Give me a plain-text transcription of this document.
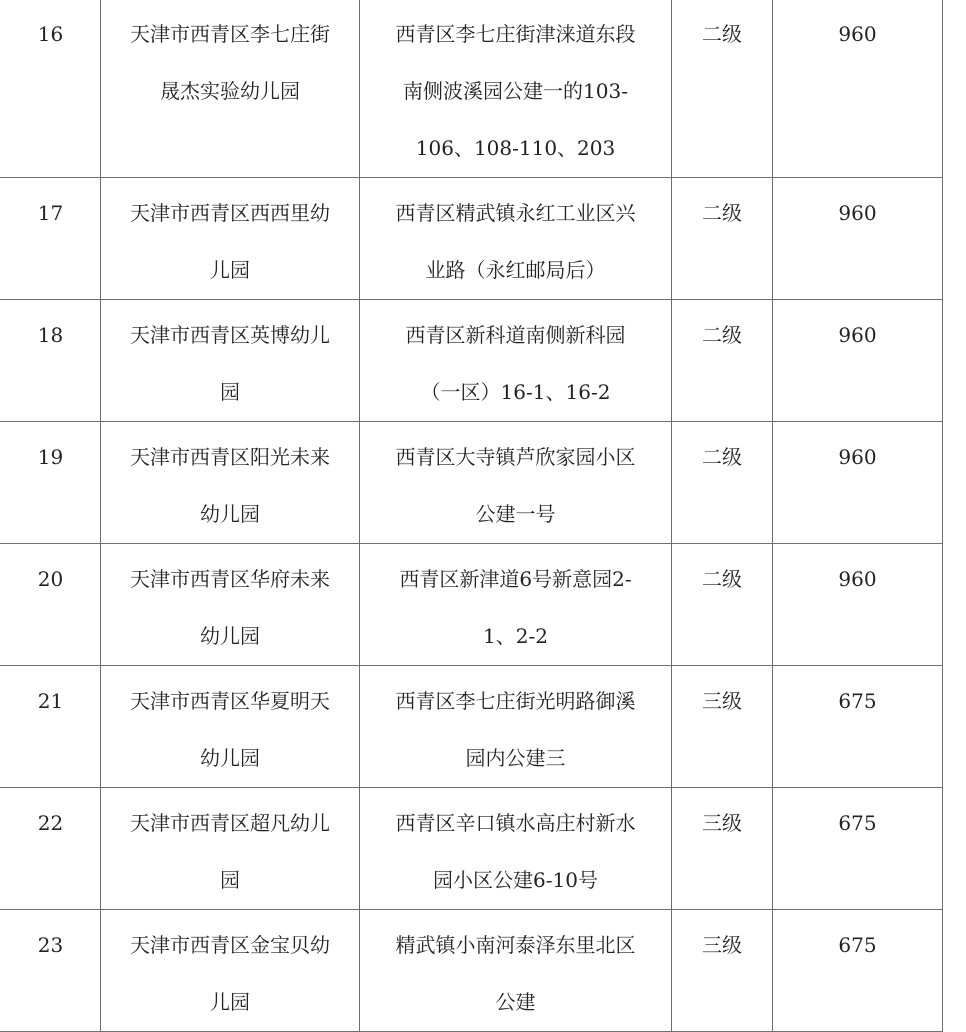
16	天津市西青区李七庄街
晟杰实验幼儿园	西青区李七庄街津涞道东段
南侧波溪园公建一的103-
106、108-110、203	二级	960

17	天津市西青区西西里幼
儿园	西青区精武镇永红工业区兴
业路（永红邮局后）	二级	960

18	天津市西青区英博幼儿
园	西青区新科道南侧新科园
（一区）16-1、16-2	二级	960

19	天津市西青区阳光未来
幼儿园	西青区大寺镇芦欣家园小区
公建一号	二级	960

20	天津市西青区华府未来
幼儿园	西青区新津道6号新意园2-
1、2-2	二级	960

21	天津市西青区华夏明天
幼儿园	西青区李七庄街光明路御溪
园内公建三	三级	675

22	天津市西青区超凡幼儿
园	西青区辛口镇水高庄村新水
园小区公建6-10号	三级	675

23	天津市西青区金宝贝幼
儿园	精武镇小南河泰泽东里北区
公建	三级	675
